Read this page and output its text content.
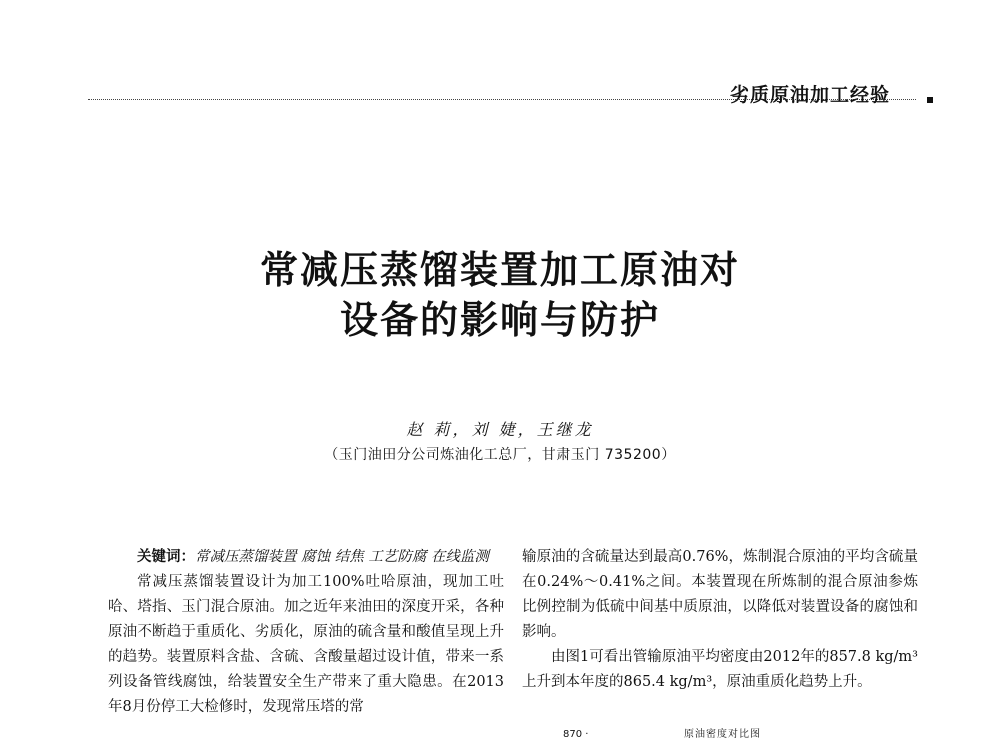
劣质原油加工经验
常减压蒸馏装置加工原油对
设备的影响与防护
赵 莉，刘 婕，王继龙
（玉门油田分公司炼油化工总厂，甘肃玉门 735200）

关键词：常减压蒸馏装置 腐蚀 结焦 工艺防腐 在线监测

常减压蒸馏装置设计为加工100%吐哈原油，现加工吐哈、塔指、玉门混合原油。加之近年来油田的深度开采，各种原油不断趋于重质化、劣质化，原油的硫含量和酸值呈现上升的趋势。装置原料含盐、含硫、含酸量超过设计值，带来一系列设备管线腐蚀，给装置安全生产带来了重大隐患。在2013年8月份停工大检修时，发现常压塔的常

输原油的含硫量达到最高0.76%，炼制混合原油的平均含硫量在0.24%～0.41%之间。本装置现在所炼制的混合原油参炼比例控制为低硫中间基中质原油，以降低对装置设备的腐蚀和影响。

由图1可看出管输原油平均密度由2012年的857.8 kg/m³ 上升到本年度的865.4 kg/m³，原油重质化趋势上升。

870 ·	原油密度对比图
